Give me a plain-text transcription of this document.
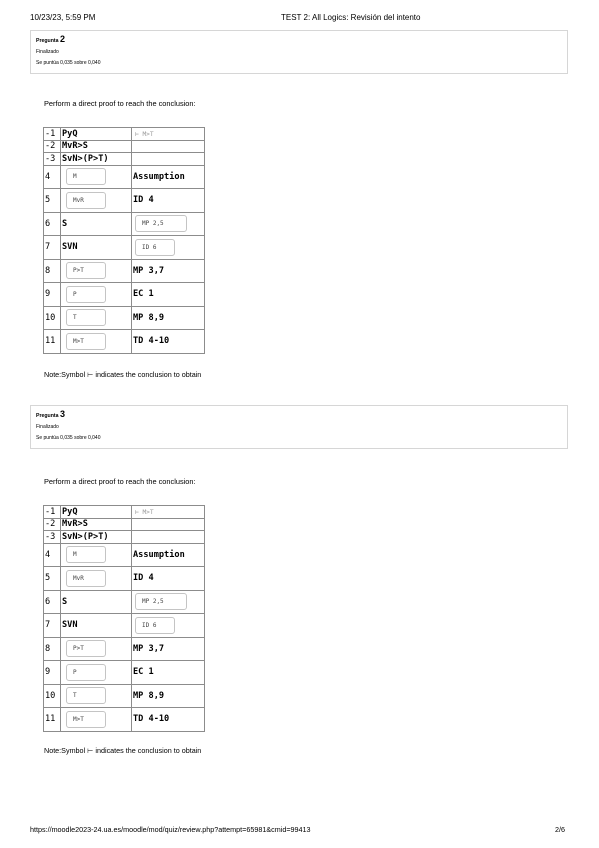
10/23/23, 5:59 PM	TEST 2: All Logics: Revisión del intento
Pregunta 2
Finalizado
Se puntúa 0,035 sobre 0,040
Perform a direct proof to reach the conclusion:
-1	PyQ	⊢ M>T
-2	MvR>S	
-3	SvN>(P>T)	
4	M	Assumption
5	MvR	ID 4
6	S	MP 2,5
7	SVN	ID 6
8	P>T	MP 3,7
9	P	EC 1
10	T	MP 8,9
11	M>T	TD 4-10
Note:Symbol ⊢ indicates the conclusion to obtain
Pregunta 3
Finalizado
Se puntúa 0,035 sobre 0,040
Perform a direct proof to reach the conclusion:
-1	PyQ	⊢ M>T
-2	MvR>S	
-3	SvN>(P>T)	
4	M	Assumption
5	MvR	ID 4
6	S	MP 2,5
7	SVN	ID 6
8	P>T	MP 3,7
9	P	EC 1
10	T	MP 8,9
11	M>T	TD 4-10
Note:Symbol ⊢ indicates the conclusion to obtain
https://moodle2023-24.ua.es/moodle/mod/quiz/review.php?attempt=65981&cmid=99413	2/6
